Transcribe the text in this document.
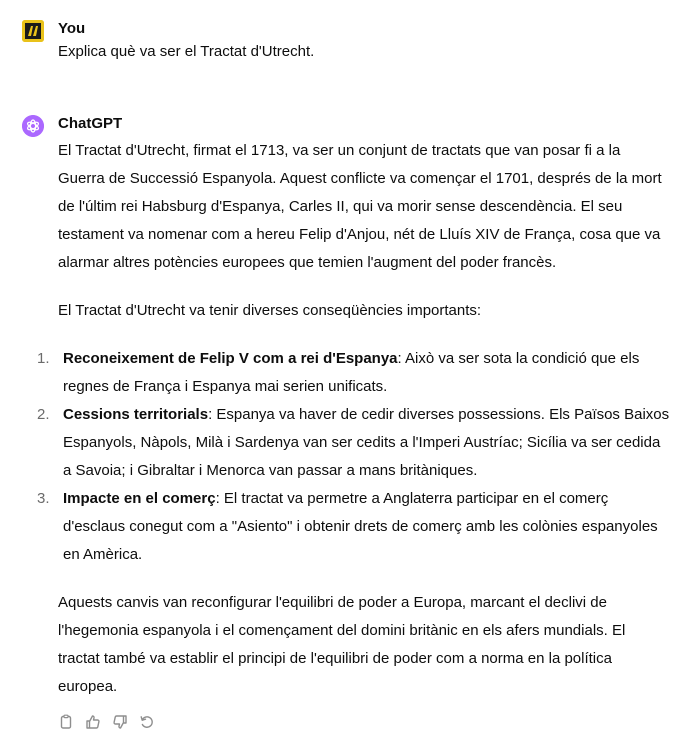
You
Explica què va ser el Tractat d'Utrecht.
ChatGPT

El Tractat d'Utrecht, firmat el 1713, va ser un conjunt de tractats que van posar fi a la Guerra de Successió Espanyola. Aquest conflicte va començar el 1701, després de la mort de l'últim rei Habsburg d'Espanya, Carles II, qui va morir sense descendència. El seu testament va nomenar com a hereu Felip d'Anjou, nét de Lluís XIV de França, cosa que va alarmar altres potències europees que temien l'augment del poder francès.

El Tractat d'Utrecht va tenir diverses conseqüències importants:

1. Reconeixement de Felip V com a rei d'Espanya: Això va ser sota la condició que els regnes de França i Espanya mai serien unificats.
2. Cessions territorials: Espanya va haver de cedir diverses possessions. Els Països Baixos Espanyols, Nàpols, Milà i Sardenya van ser cedits a l'Imperi Austríac; Sicília va ser cedida a Savoia; i Gibraltar i Menorca van passar a mans britàniques.
3. Impacte en el comerç: El tractat va permetre a Anglaterra participar en el comerç d'esclaus conegut com a "Asiento" i obtenir drets de comerç amb les colònies espanyoles en Amèrica.

Aquests canvis van reconfigurar l'equilibri de poder a Europa, marcant el declivi de l'hegemonia espanyola i el començament del domini britànic en els afers mundials. El tractat també va establir el principi de l'equilibri de poder com a norma en la política europea.
